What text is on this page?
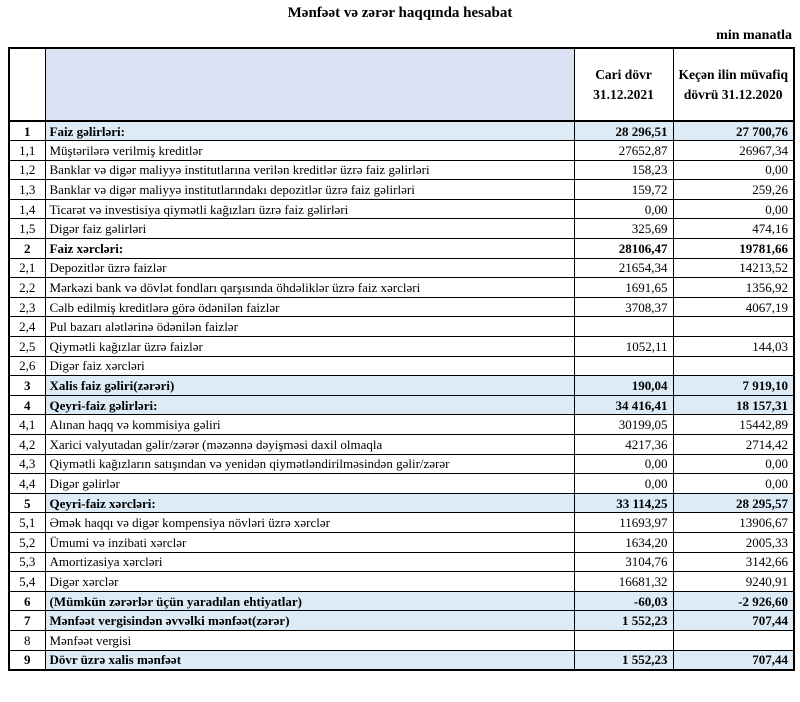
Mənfəət və zərər haqqında hesabat
min manatla
		Cari dövr 31.12.2021	Keçən ilin müvafiq dövrü 31.12.2020
1	Faiz gəlirləri:	28 296,51	27 700,76
1,1	Müştərilərə verilmiş kreditlər	27652,87	26967,34
1,2	Banklar və digər maliyyə institutlarına verilən kreditlər üzrə faiz gəlirləri	158,23	0,00
1,3	Banklar və digər maliyyə institutlarındakı depozitlər üzrə faiz gəlirləri	159,72	259,26
1,4	Ticarət və investisiya qiymətli kağızları üzrə faiz gəlirləri	0,00	0,00
1,5	Digər faiz gəlirləri	325,69	474,16
2	Faiz xərcləri:	28106,47	19781,66
2,1	Depozitlər üzrə faizlər	21654,34	14213,52
2,2	Mərkəzi bank və dövlət fondları qarşısında öhdəliklər üzrə faiz xərcləri	1691,65	1356,92
2,3	Cəlb edilmiş kreditlərə görə ödənilən faizlər	3708,37	4067,19
2,4	Pul bazarı alətlərinə ödənilən faizlər		
2,5	Qiymətli kağızlar üzrə faizlər	1052,11	144,03
2,6	Digər faiz xərcləri		
3	Xalis faiz gəliri(zərəri)	190,04	7 919,10
4	Qeyri-faiz gəlirləri:	34 416,41	18 157,31
4,1	Alınan haqq və kommisiya gəliri	30199,05	15442,89
4,2	Xarici valyutadan gəlir/zərər (məzənnə dəyişməsi daxil olmaqla	4217,36	2714,42
4,3	Qiymətli kağızların satışından və yenidən qiymətləndirilməsindən gəlir/zərər	0,00	0,00
4,4	Digər gəlirlər	0,00	0,00
5	Qeyri-faiz xərcləri:	33 114,25	28 295,57
5,1	Əmək haqqı və digər kompensiya növləri üzrə xərclər	11693,97	13906,67
5,2	Ümumi və inzibati xərclər	1634,20	2005,33
5,3	Amortizasiya xərcləri	3104,76	3142,66
5,4	Digər xərclər	16681,32	9240,91
6	(Mümkün zərərlər üçün yaradılan ehtiyatlar)	-60,03	-2 926,60
7	Mənfəət vergisindən əvvəlki mənfəət(zərər)	1 552,23	707,44
8	Mənfəət vergisi		
9	Dövr üzrə xalis mənfəət	1 552,23	707,44
